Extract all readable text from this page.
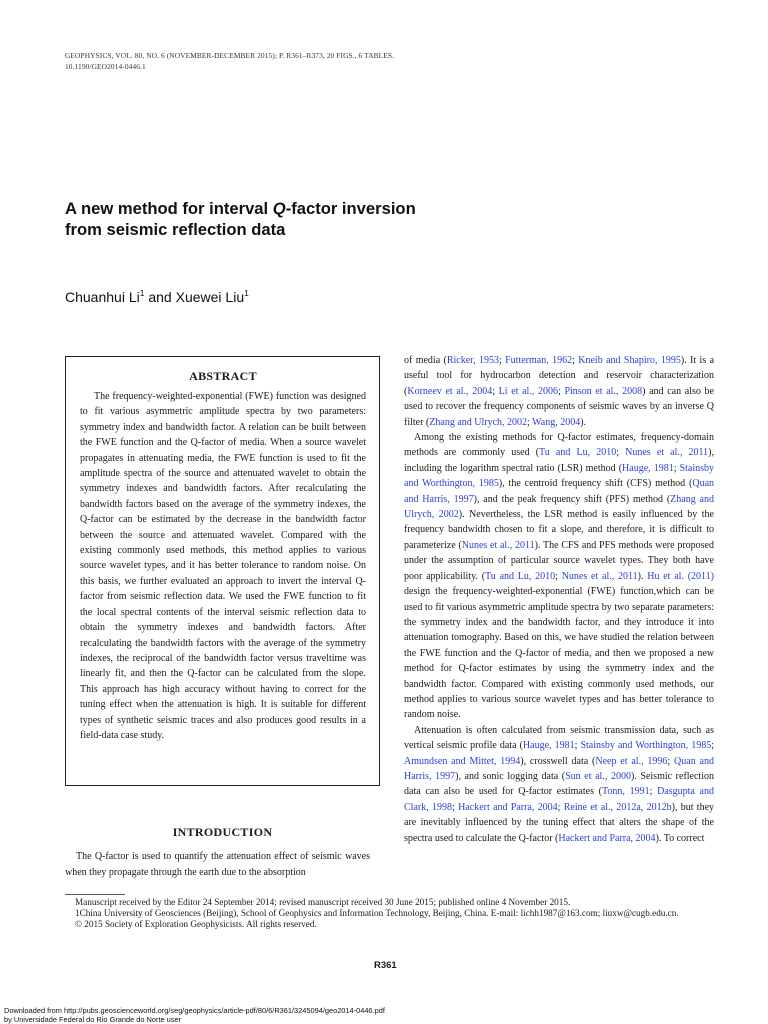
GEOPHYSICS, VOL. 80, NO. 6 (NOVEMBER-DECEMBER 2015); P. R361–R373, 20 FIGS., 6 TABLES.
10.1190/GEO2014-0446.1
A new method for interval Q-factor inversion
from seismic reflection data
Chuanhui Li$^1$ and Xuewei Liu$^1$
ABSTRACT

The frequency-weighted-exponential (FWE) function was designed to fit various asymmetric amplitude spectra by two parameters: symmetry index and bandwidth factor. A relation can be built between the FWE function and the Q-factor of media. When a source wavelet propagates in attenuating media, the FWE function is used to fit the amplitude spectra of the source and attenuated wavelet to obtain the symmetry indexes and bandwidth factors. After recalculating the bandwidth factors based on the average of the symmetry indexes, the Q-factor can be estimated by the decrease in the bandwidth factor between the source and attenuated wavelet. Compared with the existing commonly used methods, this method applies to various source wavelet types, and it has better tolerance to random noise. On this basis, we further evaluated an approach to invert the interval Q-factor from seismic reflection data. We used the FWE function to fit the local spectral contents of the interval seismic reflection data to obtain the symmetry indexes and bandwidth factors. After recalculating the bandwidth factors with the average of the symmetry indexes, the reciprocal of the bandwidth factor versus traveltime was linearly fit, and then the Q-factor can be calculated from the slope. This approach has high accuracy without having to correct for the tuning effect when the attenuation is high. It is suitable for different types of synthetic seismic traces and also produces good results in a field-data case study.

INTRODUCTION

The Q-factor is used to quantify the attenuation effect of seismic waves when they propagate through the earth due to the absorption

of media (Ricker, 1953; Futterman, 1962; Kneib and Shapiro, 1995). It is a useful tool for hydrocarbon detection and reservoir characterization (Korneev et al., 2004; Li et al., 2006; Pinson et al., 2008) and can also be used to recover the frequency components of seismic waves by an inverse Q filter (Zhang and Ulrych, 2002; Wang, 2004).

Among the existing methods for Q-factor estimates, frequency-domain methods are commonly used (Tu and Lu, 2010; Nunes et al., 2011), including the logarithm spectral ratio (LSR) method (Hauge, 1981; Stainsby and Worthington, 1985), the centroid frequency shift (CFS) method (Quan and Harris, 1997), and the peak frequency shift (PFS) method (Zhang and Ulrych, 2002). Nevertheless, the LSR method is easily influenced by the frequency bandwidth chosen to fit a slope, and therefore, it is difficult to parameterize (Nunes et al., 2011). The CFS and PFS methods were proposed under the assumption of particular source wavelet types. They both have poor applicability. (Tu and Lu, 2010; Nunes et al., 2011). Hu et al. (2011) design the frequency-weighted-exponential (FWE) function,which can be used to fit various asymmetric amplitude spectra by two separate parameters: the symmetry index and the bandwidth factor, and they introduce it into attenuation tomography. Based on this, we have studied the relation between the FWE function and the Q-factor of media, and then we proposed a new method for Q-factor estimates by using the symmetry index and the bandwidth factor. Compared with existing commonly used methods, our method applies to various source wavelet types and has better tolerance to random noise.

Attenuation is often calculated from seismic transmission data, such as vertical seismic profile data (Hauge, 1981; Stainsby and Worthington, 1985; Amundsen and Mittet, 1994), crosswell data (Neep et al., 1996; Quan and Harris, 1997), and sonic logging data (Sun et al., 2000). Seismic reflection data can also be used for Q-factor estimates (Tonn, 1991; Dasgupta and Clark, 1998; Hackert and Parra, 2004; Reine et al., 2012a, 2012b), but they are inevitably influenced by the tuning effect that alters the shape of the spectra used to calculate the Q-factor (Hackert and Parra, 2004). To correct

Manuscript received by the Editor 24 September 2014; revised manuscript received 30 June 2015; published online 4 November 2015.
1China University of Geosciences (Beijing), School of Geophysics and Information Technology, Beijing, China. E-mail: lichh1987@163.com; liuxw@cugb.edu.cn.
© 2015 Society of Exploration Geophysicists. All rights reserved.
R361
Downloaded from http://pubs.geoscienceworld.org/seg/geophysics/article-pdf/80/6/R361/3245094/geo2014-0446.pdf
by Universidade Federal do Rio Grande do Norte user
